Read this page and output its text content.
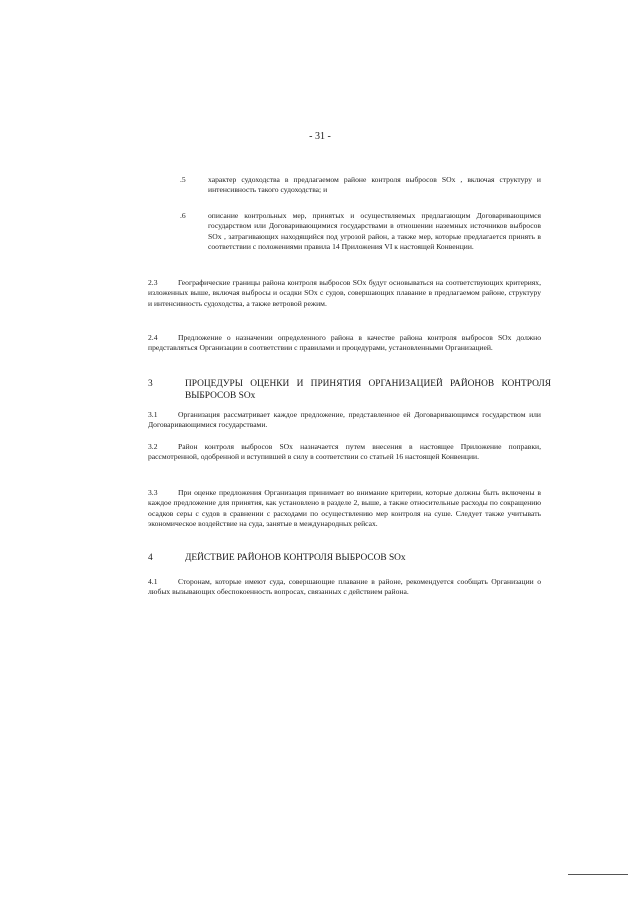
- 31 -
.5	характер судоходства в предлагаемом районе контроля выбросов SOx , включая структуру и интенсивность такого судоходства; и
.6	описание контрольных мер, принятых и осуществляемых предлагающим Договаривающимся государством или Договаривающимися государствами в отношении наземных источников выбросов SOx , затрагивающих находящийся под угрозой район, а также мер, которые предлагается принять в соответствии с положениями правила 14 Приложения VI к настоящей Конвенции.
2.3	Географические границы района контроля выбросов SOx будут основываться на соответствующих критериях, изложенных выше, включая выбросы и осадки SOx с судов, совершающих плавание в предлагаемом районе, структуру и интенсивность судоходства, а также ветровой режим.
2.4	Предложение о назначении определенного района в качестве района контроля выбросов SOx должно представляться Организации в соответствии с правилами и процедурами, установленными Организацией.
3	ПРОЦЕДУРЫ ОЦЕНКИ И ПРИНЯТИЯ ОРГАНИЗАЦИЕЙ РАЙОНОВ КОНТРОЛЯ ВЫБРОСОВ SOx
3.1	Организация рассматривает каждое предложение, представленное ей Договаривающимся государством или Договаривающимися государствами.
3.2	Район контроля выбросов SOx назначается путем внесения в настоящее Приложение поправки, рассмотренной, одобренной и вступившей в силу в соответствии со статьей 16 настоящей Конвенции.
3.3	При оценке предложения Организация принимает во внимание критерии, которые должны быть включены в каждое предложение для принятия, как установлено в разделе 2, выше, а также относительные расходы по сокращению осадков серы с судов в сравнении с расходами по осуществлению мер контроля на суше. Следует также учитывать экономическое воздействие на суда, занятые в международных рейсах.
4	ДЕЙСТВИЕ РАЙОНОВ КОНТРОЛЯ ВЫБРОСОВ SOx
4.1	Сторонам, которые имеют суда, совершающие плавание в районе, рекомендуется сообщать Организации о любых вызывающих обеспокоенность вопросах, связанных с действием района.
